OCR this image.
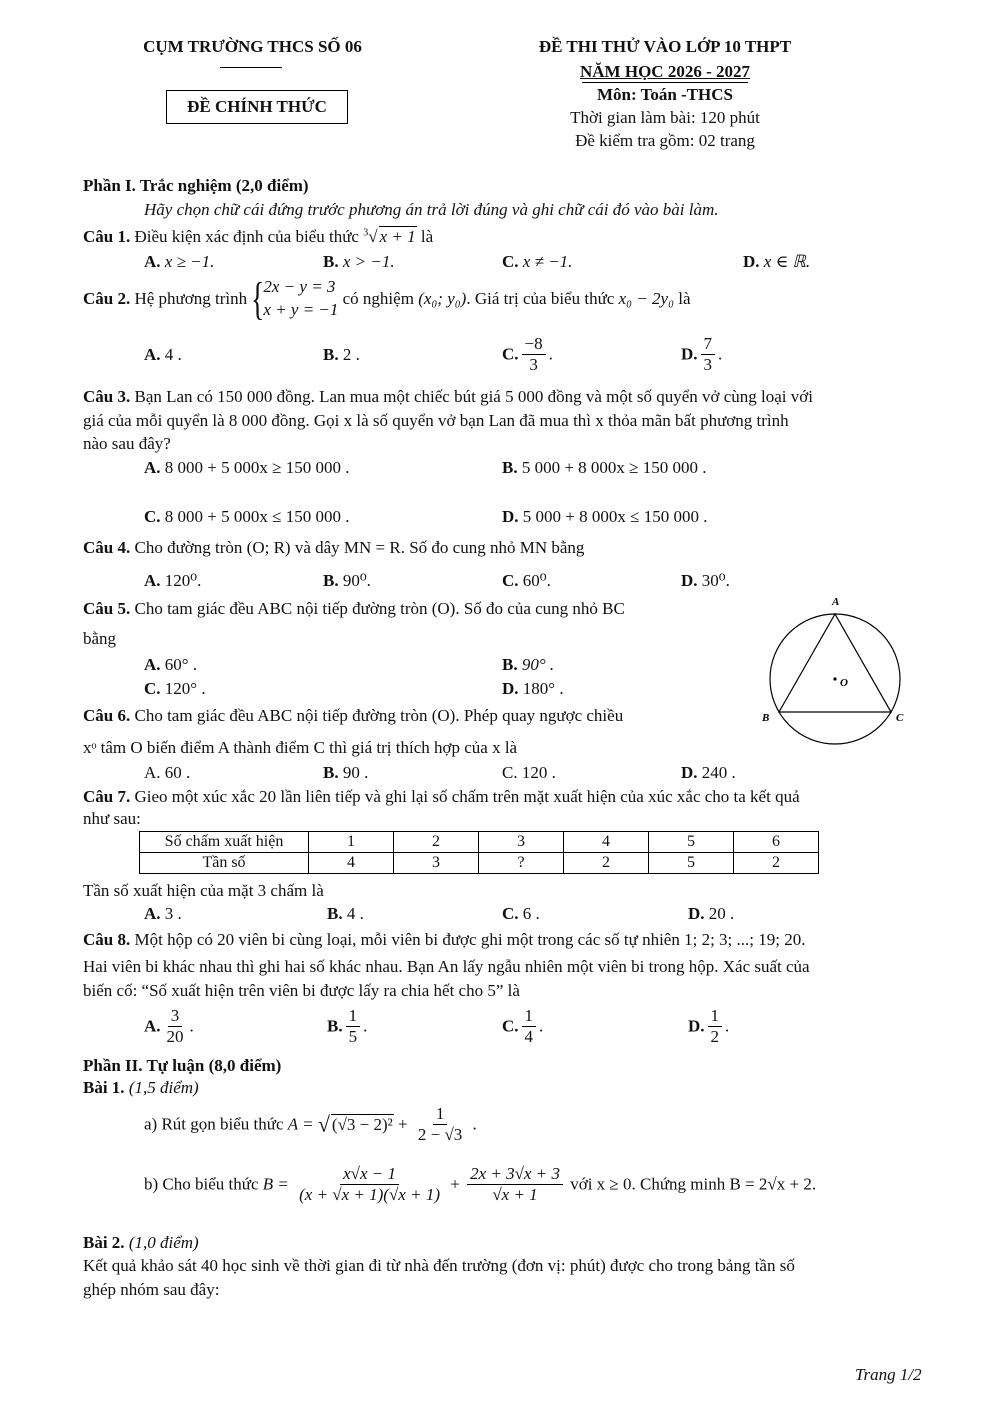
CỤM TRƯỜNG THCS SỐ 06
ĐỀ CHÍNH THỨC
ĐỀ THI THỬ VÀO LỚP 10 THPT
NĂM HỌC 2026 - 2027
Môn: Toán -THCS
Thời gian làm bài: 120 phút
Đề kiểm tra gồm: 02 trang
Phần I. Trắc nghiệm (2,0 điểm)
Hãy chọn chữ cái đứng trước phương án trả lời đúng và ghi chữ cái đó vào bài làm.
Câu 1. Điều kiện xác định của biểu thức $^3$√ x + 1 là
A. x ≥ −1.	B. x > −1.	C. x ≠ −1.	D. x ∈ ℝ.
Câu 2. Hệ phương trình {
2x − y = 3
x + y = −1
có nghiệm (x₀; y₀). Giá trị của biểu thức x₀ − 2y₀ là
A. 4 .	B. 2 .	C. $\frac{-8}{3}$ .	D. $\frac{7}{3}$ .
Câu 3. Bạn Lan có 150 000 đồng. Lan mua một chiếc bút giá 5 000 đồng và một số quyển vở cùng loại với
giá của mỗi quyển là 8 000 đồng. Gọi x là số quyển vở bạn Lan đã mua thì x thỏa mãn bất phương trình
nào sau đây?
A. 8 000 + 5 000x ≥ 150 000 .	B. 5 000 + 8 000x ≥ 150 000 .
C. 8 000 + 5 000x ≤ 150 000 .	D. 5 000 + 8 000x ≤ 150 000 .
Câu 4. Cho đường tròn (O; R) và dây MN = R. Số đo cung nhỏ MN bằng
A. 120⁰.	B. 90⁰.	C. 60⁰.	D. 30⁰.
Câu 5. Cho tam giác đều ABC nội tiếp đường tròn (O). Số đo của cung nhỏ BC
bằng
A. 60° .	B. 90° .
C. 120° .	D. 180° .
A
B	C
O
Câu 6. Cho tam giác đều ABC nội tiếp đường tròn (O). Phép quay ngược chiều
xᵒ tâm O biến điểm A thành điểm C thì giá trị thích hợp của x là
A. 60 .	B. 90 .	C. 120 .	D. 240 .
Câu 7. Gieo một xúc xắc 20 lần liên tiếp và ghi lại số chấm trên mặt xuất hiện của xúc xắc cho ta kết quả
như sau:
Số chấm xuất hiện	1	2	3	4	5	6
Tần số	4	3	?	2	5	2
Tần số xuất hiện của mặt 3 chấm là
A. 3 .	B. 4 .	C. 6 .	D. 20 .
Câu 8. Một hộp có 20 viên bi cùng loại, mỗi viên bi được ghi một trong các số tự nhiên 1; 2; 3; ...; 19; 20.
Hai viên bi khác nhau thì ghi hai số khác nhau. Bạn An lấy ngẫu nhiên một viên bi trong hộp. Xác suất của
biến cố: “Số xuất hiện trên viên bi được lấy ra chia hết cho 5” là
A. $\frac{3}{20}$ .	B. $\frac{1}{5}$ .	C. $\frac{1}{4}$ .	D. $\frac{1}{2}$ .
Phần II. Tự luận (8,0 điểm)
Bài 1. (1,5 điểm)
a) Rút gọn biểu thức A = √ $(√3 - 2)^2 + \frac{1}{2 - √3}$ .
b) Cho biểu thức $B = \frac{x√x - 1}{(x + √x + 1)(√x + 1)} + \frac{2x + 3√x + 3}{√x + 1}$ với x ≥ 0. Chứng minh B = 2√x + 2.
Bài 2. (1,0 điểm)
Kết quả khảo sát 40 học sinh về thời gian đi từ nhà đến trường (đơn vị: phút) được cho trong bảng tần số
ghép nhóm sau đây:
Trang 1/2
